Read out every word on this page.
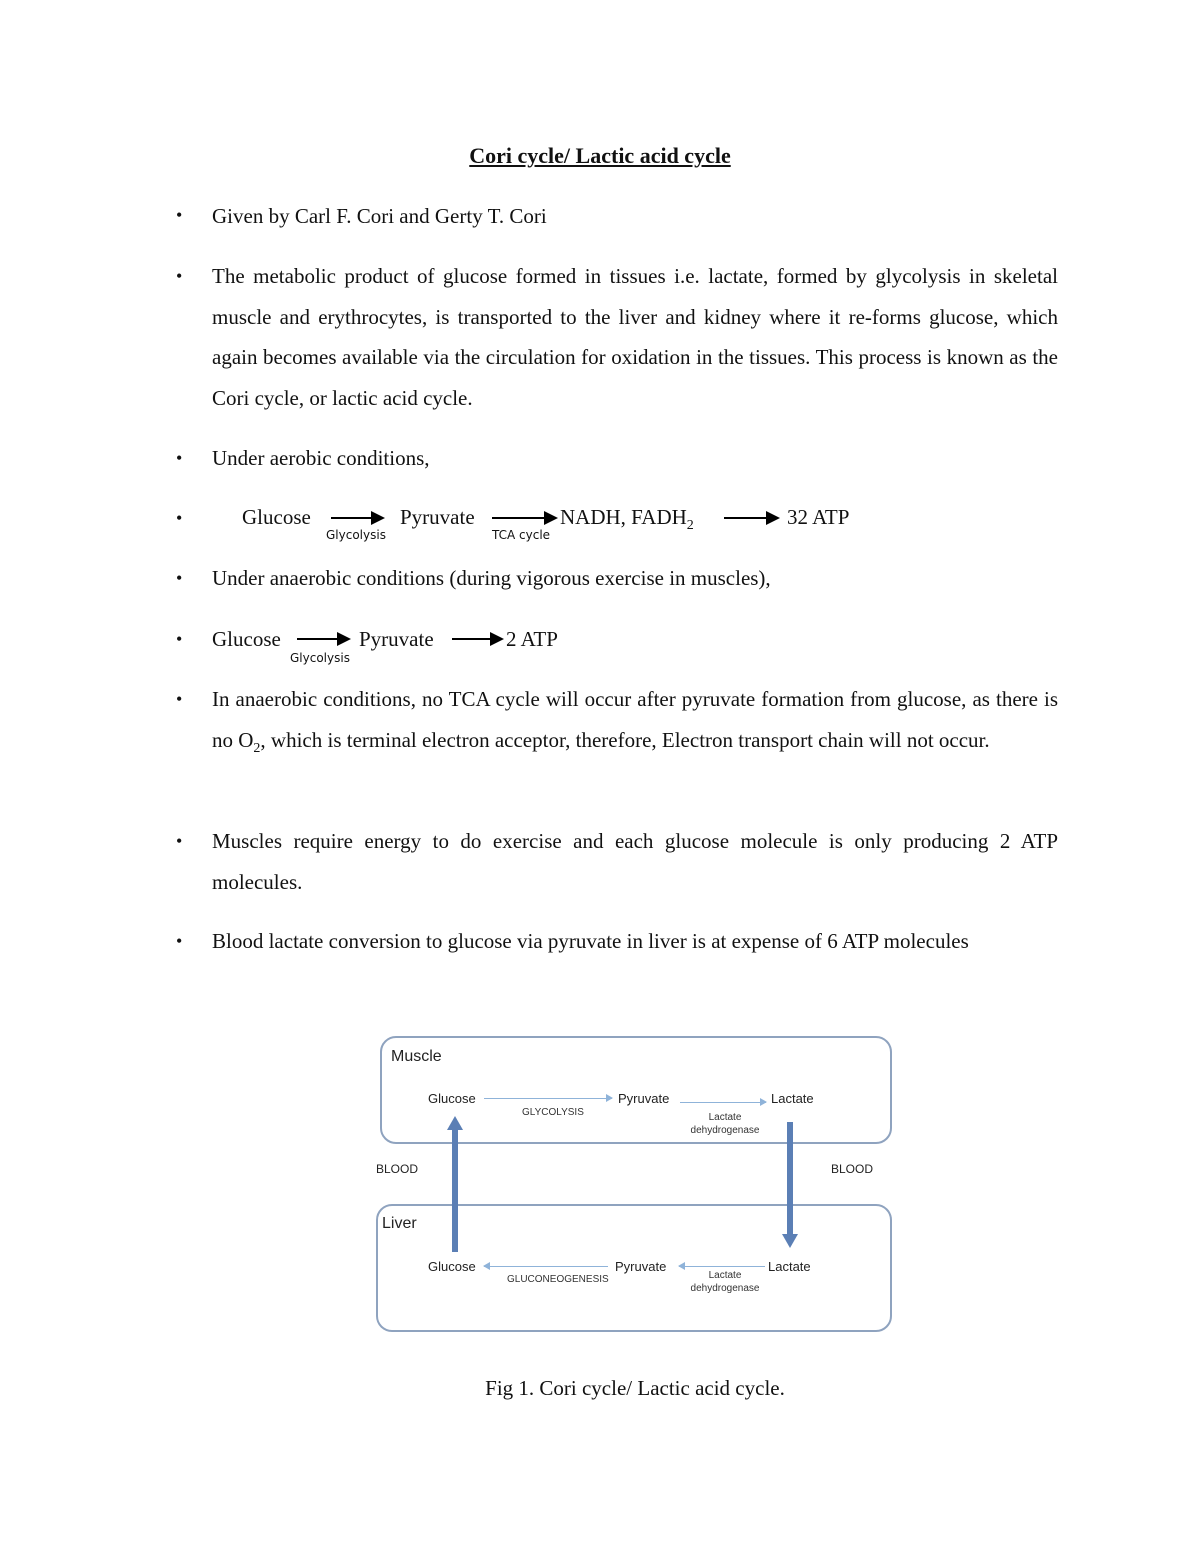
Cori cycle/ Lactic acid cycle
• Given by Carl F. Cori and Gerty T. Cori
• The metabolic product of glucose formed in tissues i.e. lactate, formed by glycolysis in skeletal muscle and erythrocytes, is transported to the liver and kidney where it re-forms glucose, which again becomes available via the circulation for oxidation in the tissues. This process is known as the Cori cycle, or lactic acid cycle.
• Under aerobic conditions,
•	Glucose
Glycolysis
Pyruvate
TCA cycle
NADH, $FADH_2$	32 ATP
• Under anaerobic conditions (during vigorous exercise in muscles),
• Glucose
Glycolysis
Pyruvate	2 ATP
• In anaerobic conditions, no TCA cycle will occur after pyruvate formation from glucose, as there is no $O_2$, which is terminal electron acceptor, therefore, Electron transport chain will not occur.
• Muscles require energy to do exercise and each glucose molecule is only producing 2 ATP molecules.
• Blood lactate conversion to glucose via pyruvate in liver is at expense of 6 ATP molecules
Muscle
Liver
Glucose	Pyruvate	Lactate
GLYCOLYSIS	Lactate
dehydrogenase
BLOOD	BLOOD
Glucose	Pyruvate	Lactate
GLUCONEOGENESIS	Lactate
dehydrogenase
Fig 1. Cori cycle/ Lactic acid cycle.
